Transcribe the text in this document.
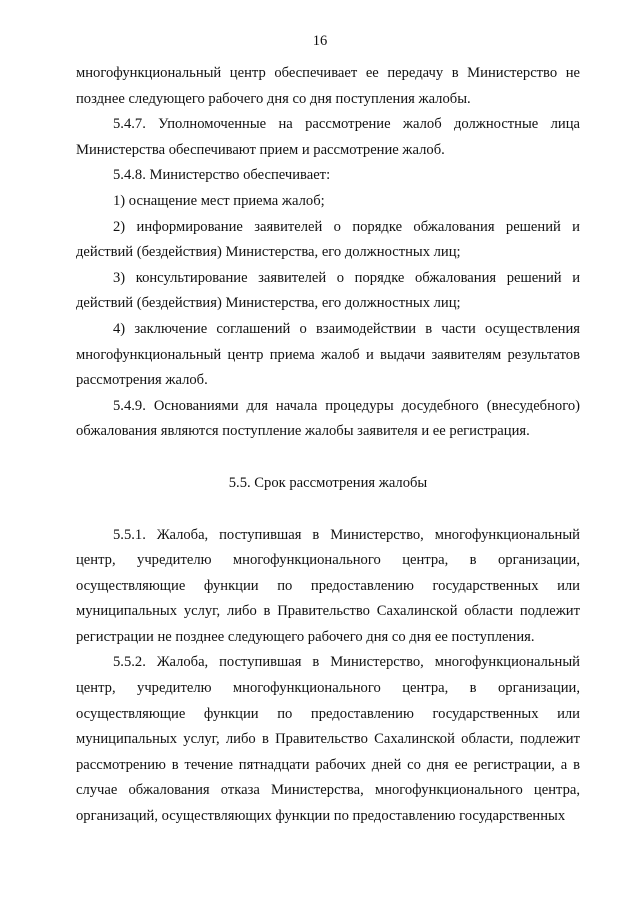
16

многофункциональный центр обеспечивает ее передачу в Министерство не позднее следующего рабочего дня со дня поступления жалобы.

5.4.7. Уполномоченные на рассмотрение жалоб должностные лица Министерства обеспечивают прием и рассмотрение жалоб.

5.4.8. Министерство обеспечивает:

1) оснащение мест приема жалоб;

2) информирование заявителей о порядке обжалования решений и действий (бездействия) Министерства, его должностных лиц;

3) консультирование заявителей о порядке обжалования решений и действий (бездействия) Министерства, его должностных лиц;

4) заключение соглашений о взаимодействии в части осуществления многофункциональный центр приема жалоб и выдачи заявителям результатов рассмотрения жалоб.

5.4.9. Основаниями для начала процедуры досудебного (внесудебного) обжалования являются поступление жалобы заявителя и ее регистрация.

5.5. Срок рассмотрения жалобы

5.5.1. Жалоба, поступившая в Министерство, многофункциональный центр, учредителю многофункционального центра, в организации, осуществляющие функции по предоставлению государственных или муниципальных услуг, либо в Правительство Сахалинской области подлежит регистрации не позднее следующего рабочего дня со дня ее поступления.

5.5.2. Жалоба, поступившая в Министерство, многофункциональный центр, учредителю многофункционального центра, в организации, осуществляющие функции по предоставлению государственных или муниципальных услуг, либо в Правительство Сахалинской области, подлежит рассмотрению в течение пятнадцати рабочих дней со дня ее регистрации, а в случае обжалования отказа Министерства, многофункционального центра, организаций, осуществляющих функции по предоставлению государственных
